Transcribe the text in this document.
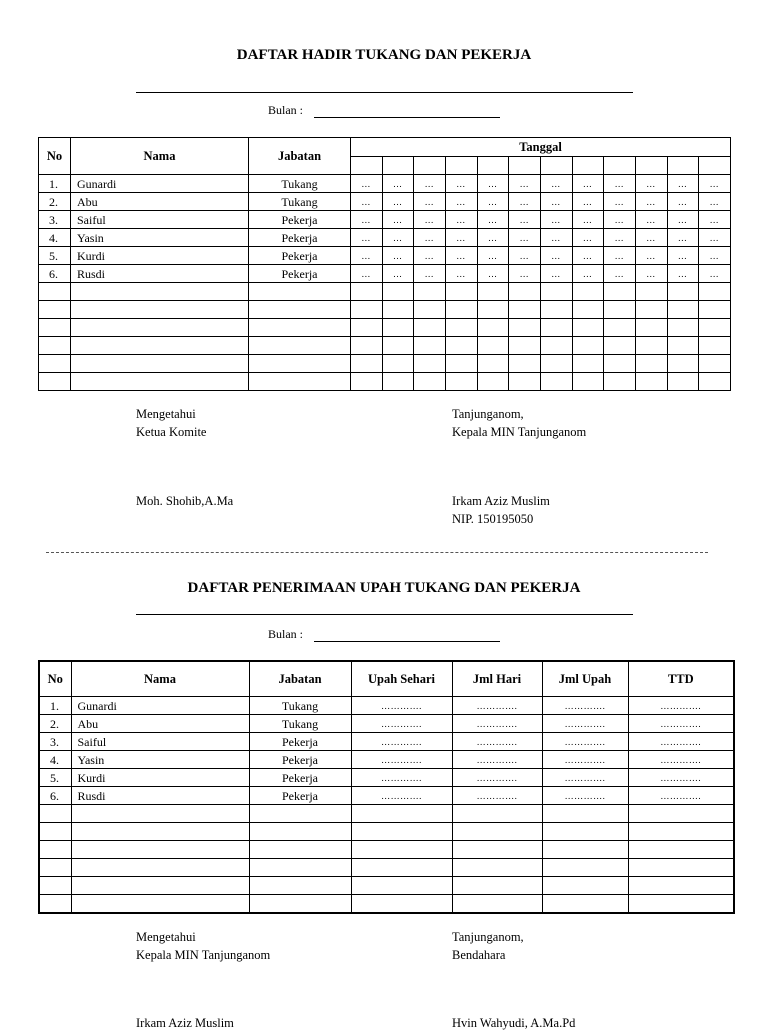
DAFTAR HADIR TUKANG DAN PEKERJA
Bulan :
No	Nama	Jabatan	Tanggal											

1.	Gunardi	Tukang	…	…	…	…	…	…	…	…	…	…	…	…
2.	Abu	Tukang	…	…	…	…	…	…	…	…	…	…	…	…
3.	Saiful	Pekerja	…	…	…	…	…	…	…	…	…	…	…	…
4.	Yasin	Pekerja	…	…	…	…	…	…	…	…	…	…	…	…
5.	Kurdi	Pekerja	…	…	…	…	…	…	…	…	…	…	…	…
6.	Rusdi	Pekerja	…	…	…	…	…	…	…	…	…	…	…	…

Mengetahui
Ketua Komite
Moh. Shohib,A.Ma
Tanjunganom,
Kepala MIN Tanjunganom
Irkam Aziz Muslim
NIP. 150195050
DAFTAR PENERIMAAN UPAH TUKANG DAN PEKERJA
Bulan :
No	Nama	Jabatan	Upah Sehari	Jml Hari	Jml Upah	TTD
1.	Gunardi	Tukang	………….	………….	………….	………….
2.	Abu	Tukang	………….	………….	………….	………….
3.	Saiful	Pekerja	………….	………….	………….	………….
4.	Yasin	Pekerja	………….	………….	………….	………….
5.	Kurdi	Pekerja	………….	………….	………….	………….
6.	Rusdi	Pekerja	………….	………….	………….	………….

Mengetahui
Kepala MIN Tanjunganom
Irkam Aziz Muslim
Tanjunganom,
Bendahara
Hvin Wahyudi, A.Ma.Pd
